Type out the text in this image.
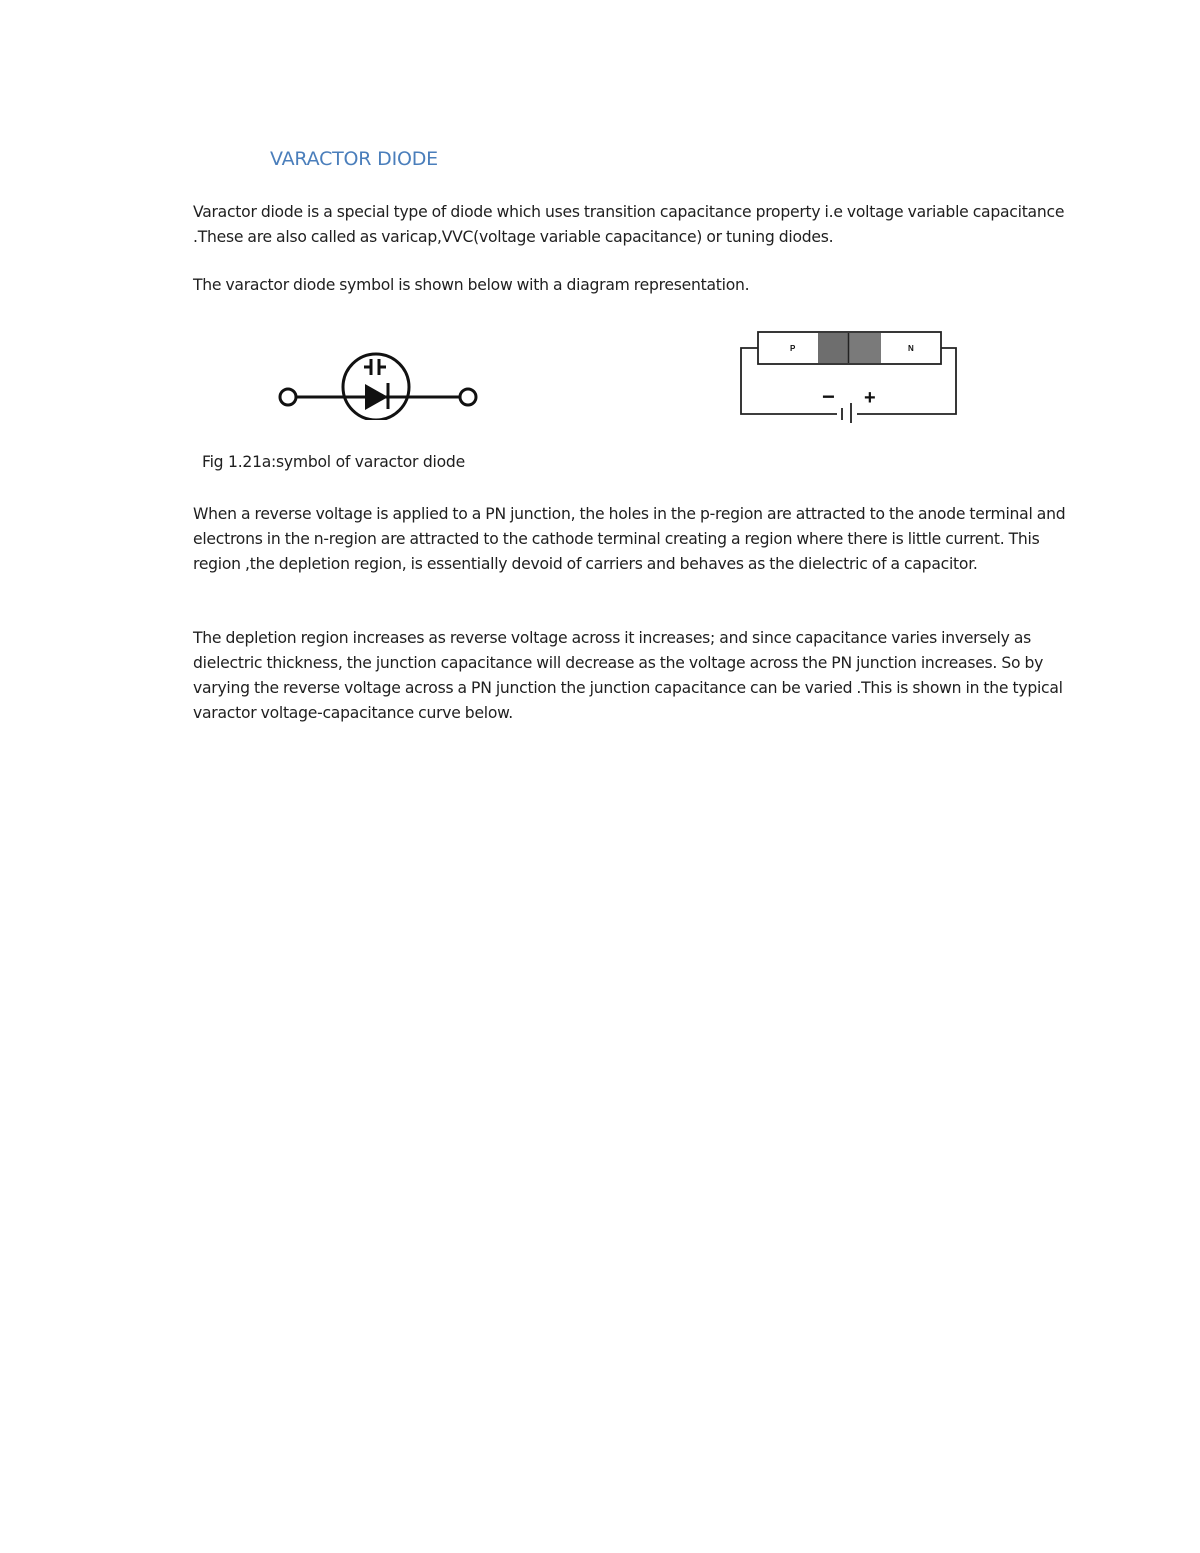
VARACTOR DIODE

Varactor diode is a special type of diode which uses transition capacitance property i.e voltage variable capacitance .These are also called as varicap,VVC(voltage variable capacitance) or tuning diodes.

The varactor diode symbol is shown below with a diagram representation.

P	N
− +
Fig 1.21a:symbol of varactor diode

When a reverse voltage is applied to a PN junction, the holes in the p-region are attracted to the anode terminal and electrons in the n-region are attracted to the cathode terminal creating a region where there is little current. This region ,the depletion region, is essentially devoid of carriers and behaves as the dielectric of a capacitor.

The depletion region increases as reverse voltage across it increases; and since capacitance varies inversely as dielectric thickness, the junction capacitance will decrease as the voltage across the PN junction increases. So by varying the reverse voltage across a PN junction the junction capacitance can be varied .This is shown in the typical varactor voltage-capacitance curve below.
